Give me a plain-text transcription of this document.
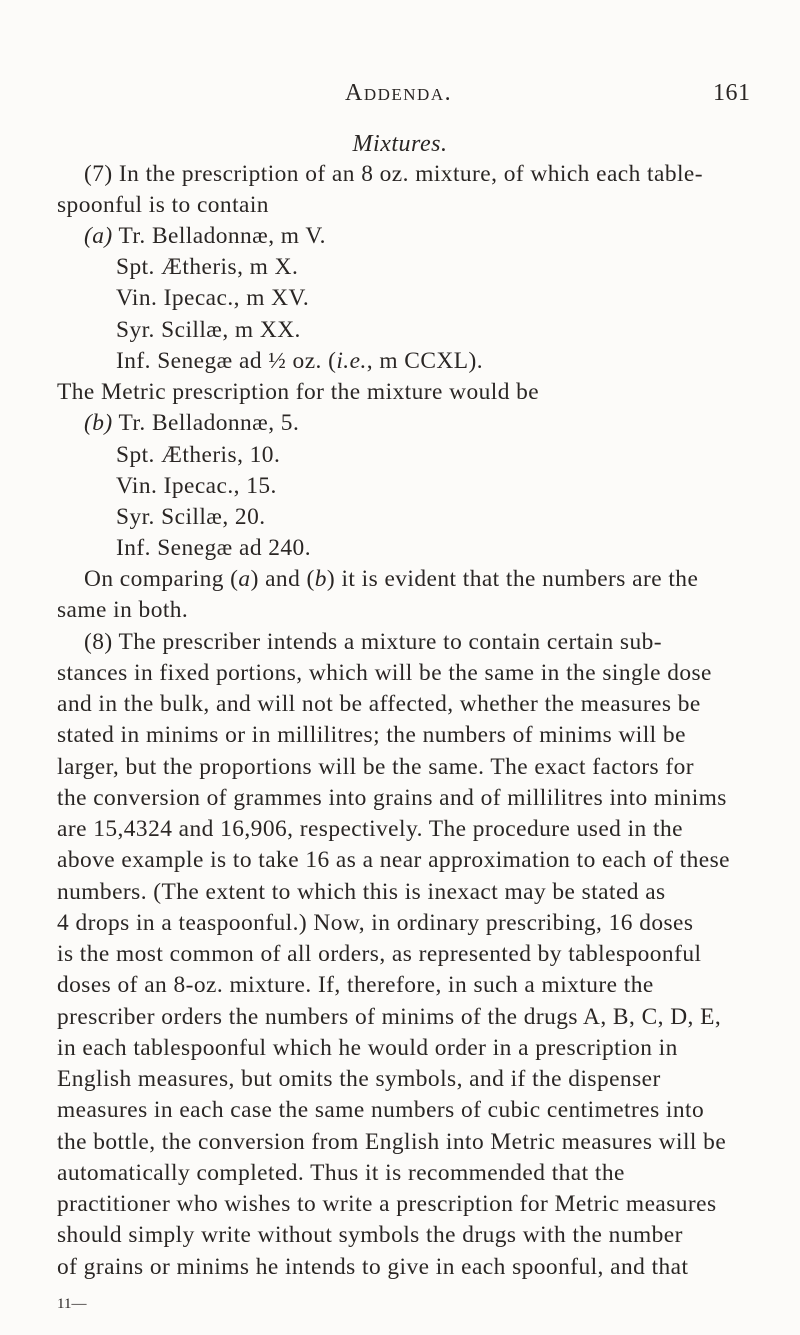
Addenda.	161
Mixtures.
(7) In the prescription of an 8 oz. mixture, of which each table-
spoonful is to contain
(a) Tr. Belladonnæ, m V.
Spt. Ætheris, m X.
Vin. Ipecac., m XV.
Syr. Scillæ, m XX.
Inf. Senegæ ad ½ oz. (i.e., m CCXL).
The Metric prescription for the mixture would be
(b) Tr. Belladonnæ, 5.
Spt. Ætheris, 10.
Vin. Ipecac., 15.
Syr. Scillæ, 20.
Inf. Senegæ ad 240.
On comparing (a) and (b) it is evident that the numbers are the
same in both.
(8) The prescriber intends a mixture to contain certain sub-
stances in fixed portions, which will be the same in the single dose
and in the bulk, and will not be affected, whether the measures be
stated in minims or in millilitres; the numbers of minims will be
larger, but the proportions will be the same. The exact factors for
the conversion of grammes into grains and of millilitres into minims
are 15,4324 and 16,906, respectively. The procedure used in the
above example is to take 16 as a near approximation to each of these
numbers. (The extent to which this is inexact may be stated as
4 drops in a teaspoonful.) Now, in ordinary prescribing, 16 doses
is the most common of all orders, as represented by tablespoonful
doses of an 8-oz. mixture. If, therefore, in such a mixture the
prescriber orders the numbers of minims of the drugs A, B, C, D, E,
in each tablespoonful which he would order in a prescription in
English measures, but omits the symbols, and if the dispenser
measures in each case the same numbers of cubic centimetres into
the bottle, the conversion from English into Metric measures will be
automatically completed. Thus it is recommended that the
practitioner who wishes to write a prescription for Metric measures
should simply write without symbols the drugs with the number
of grains or minims he intends to give in each spoonful, and that
11—
